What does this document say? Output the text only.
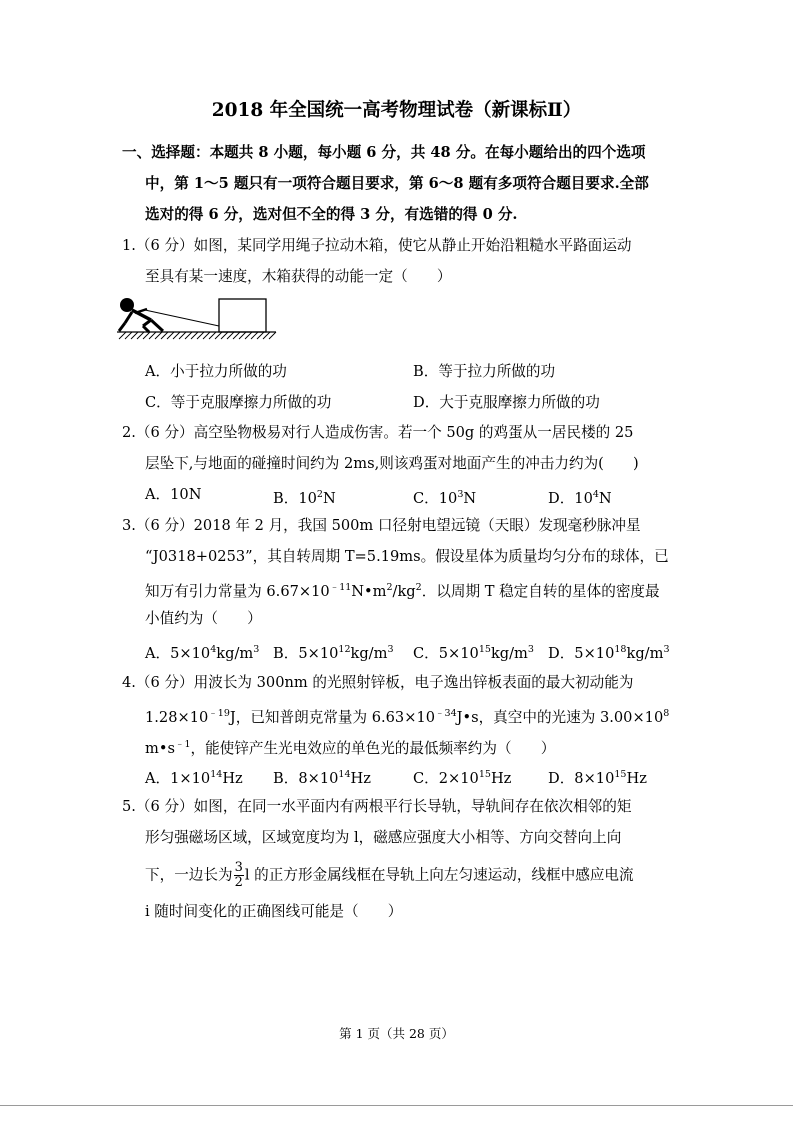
2018 年全国统一高考物理试卷（新课标Ⅱ）
一、选择题：本题共 8 小题，每小题 6 分，共 48 分。在每小题给出的四个选项
中，第 1～5 题只有一项符合题目要求，第 6～8 题有多项符合题目要求.全部
选对的得 6 分，选对但不全的得 3 分，有选错的得 0 分.
1.（6 分）如图，某同学用绳子拉动木箱，使它从静止开始沿粗糙水平路面运动
至具有某一速度，木箱获得的动能一定（　　）
A．小于拉力所做的功	B．等于拉力所做的功
C．等于克服摩擦力所做的功	D．大于克服摩擦力所做的功
2.（6 分）高空坠物极易对行人造成伤害。若一个 50g 的鸡蛋从一居民楼的 25
层坠下,与地面的碰撞时间约为 2ms,则该鸡蛋对地面产生的冲击力约为(　　)
A．10N	B．$10^2N$	C．$10^3N$	D．$10^4N$
3.（6 分）2018 年 2 月，我国 500m 口径射电望远镜（天眼）发现毫秒脉冲星
“J0318+0253”，其自转周期 T=5.19ms。假设星体为质量均匀分布的球体，已
知万有引力常量为 $6.67\times 10^{﹣11}N•m^2/kg^2$．以周期 T 稳定自转的星体的密度最
小值约为（　　）
A．$5\times 10^4kg/m^3$ B．$5\times 10^{12}kg/m^3$ C．$5\times 10^{15}kg/m^3$ D．$5\times 10^{18}kg/m^3$
4.（6 分）用波长为 300nm 的光照射锌板，电子逸出锌板表面的最大初动能为
$1.28\times 10^{﹣19}J$，已知普朗克常量为 $6.63\times 10^{﹣34}J•s$，真空中的光速为 $3.00\times 10^8$
$m•s^{﹣1}$，能使锌产生光电效应的单色光的最低频率约为（　　）
A．$1\times 10^{14}Hz$ B．$8\times 10^{14}Hz$	C．$2\times 10^{15}Hz$	D．$8\times 10^{15}Hz$
5.（6 分）如图，在同一水平面内有两根平行长导轨，导轨间存在依次相邻的矩
形匀强磁场区域，区域宽度均为 l，磁感应强度大小相等、方向交替向上向
下，一边长为 $\frac{3}{2}$ l 的正方形金属线框在导轨上向左匀速运动，线框中感应电流
i 随时间变化的正确图线可能是（　　）
第 1 页（共 28 页）
